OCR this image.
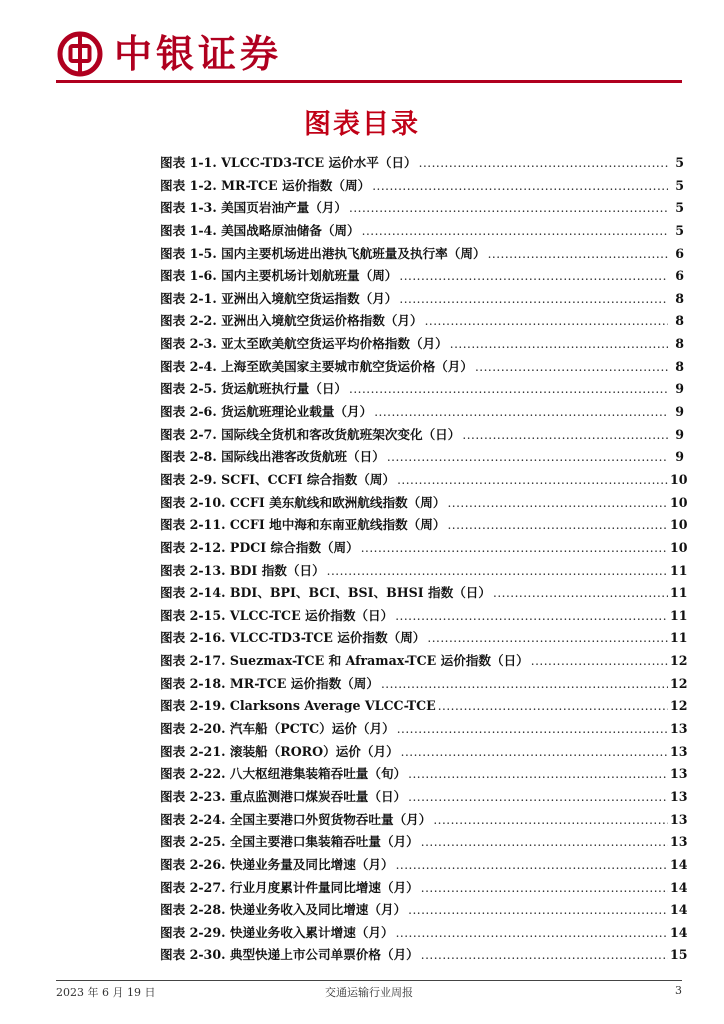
中银证券
图表目录
图表 1-1. VLCC-TD3-TCE 运价水平（日） .....	5
图表 1-2. MR-TCE 运价指数（周） .....	5
图表 1-3. 美国页岩油产量（月） .....	5
图表 1-4. 美国战略原油储备（周） .....	5
图表 1-5. 国内主要机场进出港执飞航班量及执行率（周） .....	6
图表 1-6. 国内主要机场计划航班量（周） .....	6
图表 2-1. 亚洲出入境航空货运指数（月） .....	8
图表 2-2. 亚洲出入境航空货运价格指数（月） .....	8
图表 2-3. 亚太至欧美航空货运平均价格指数（月） .....	8
图表 2-4. 上海至欧美国家主要城市航空货运价格（月） .....	8
图表 2-5. 货运航班执行量（日） .....	9
图表 2-6. 货运航班理论业载量（月） .....	9
图表 2-7. 国际线全货机和客改货航班架次变化（日） .....	9
图表 2-8. 国际线出港客改货航班（日） .....	9
图表 2-9. SCFI、CCFI 综合指数（周） .....	10
图表 2-10. CCFI 美东航线和欧洲航线指数（周） .....	10
图表 2-11. CCFI 地中海和东南亚航线指数（周） .....	10
图表 2-12. PDCI 综合指数（周） .....	10
图表 2-13. BDI 指数（日） .....	11
图表 2-14. BDI、BPI、BCI、BSI、BHSI 指数（日） .....	11
图表 2-15. VLCC-TCE 运价指数（日） .....	11
图表 2-16. VLCC-TD3-TCE 运价指数（周） .....	11
图表 2-17. Suezmax-TCE 和 Aframax-TCE 运价指数（日） .....	12
图表 2-18. MR-TCE 运价指数（周） .....	12
图表 2-19. Clarksons Average VLCC-TCE .....	12
图表 2-20. 汽车船（PCTC）运价（月） .....	13
图表 2-21. 滚装船（RORO）运价（月） .....	13
图表 2-22. 八大枢纽港集装箱吞吐量（旬） .....	13
图表 2-23. 重点监测港口煤炭吞吐量（日） .....	13
图表 2-24. 全国主要港口外贸货物吞吐量（月） .....	13
图表 2-25. 全国主要港口集装箱吞吐量（月） .....	13
图表 2-26. 快递业务量及同比增速（月） .....	14
图表 2-27. 行业月度累计件量同比增速（月） .....	14
图表 2-28. 快递业务收入及同比增速（月） .....	14
图表 2-29. 快递业务收入累计增速（月） .....	14
图表 2-30. 典型快递上市公司单票价格（月） .....	15
2023 年 6 月 19 日	交通运输行业周报	3
